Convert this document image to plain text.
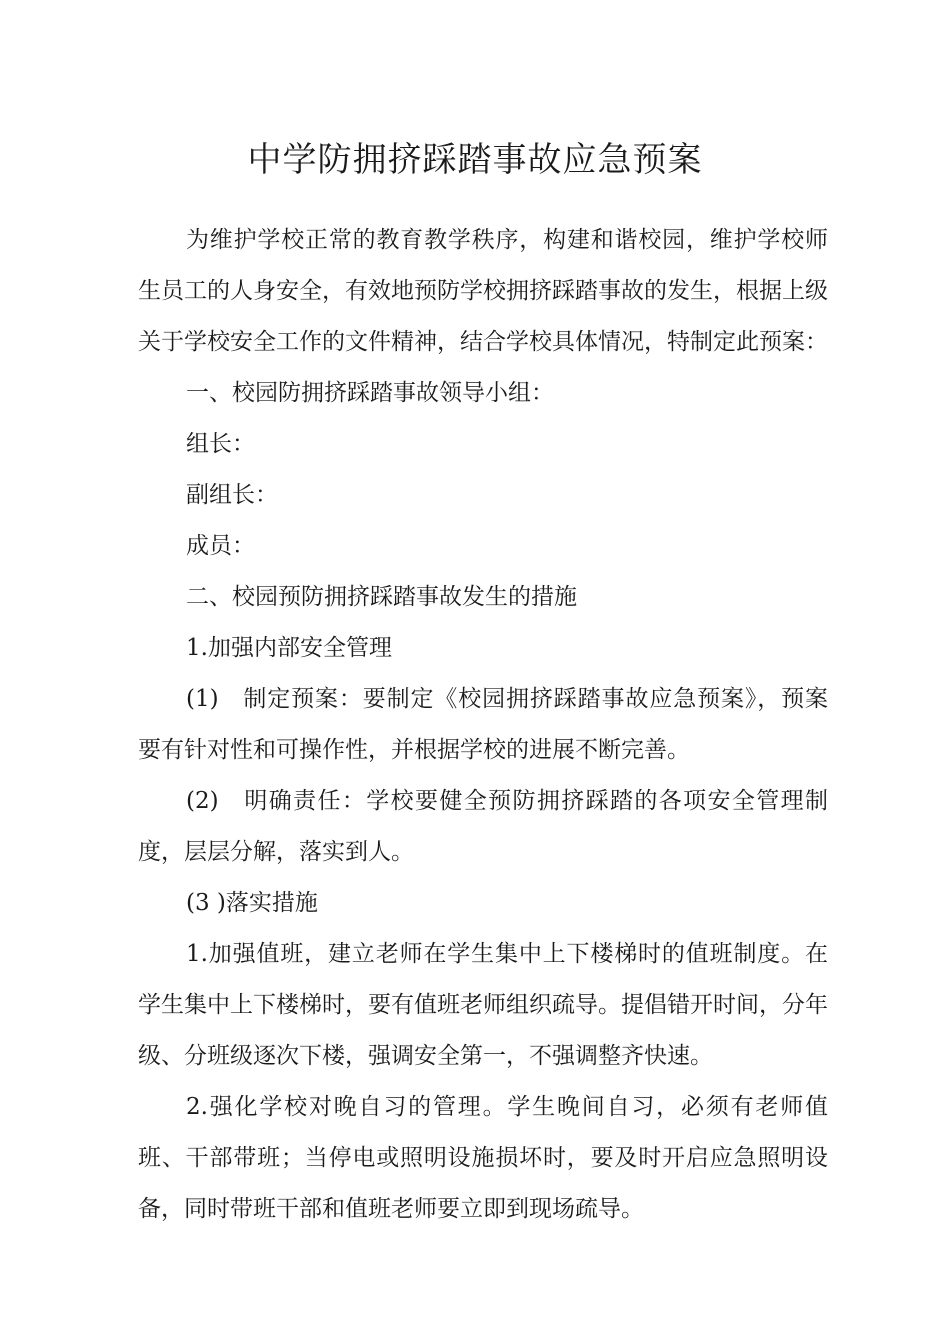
中学防拥挤踩踏事故应急预案

为维护学校正常的教育教学秩序，构建和谐校园，维护学校师生员工的人身安全，有效地预防学校拥挤踩踏事故的发生，根据上级关于学校安全工作的文件精神，结合学校具体情况，特制定此预案：

一、校园防拥挤踩踏事故领导小组：

组长：

副组长：

成员：

二、校园预防拥挤踩踏事故发生的措施

1.加强内部安全管理

(1)　制定预案：要制定《校园拥挤踩踏事故应急预案》，预案要有针对性和可操作性，并根据学校的进展不断完善。

(2)　明确责任：学校要健全预防拥挤踩踏的各项安全管理制度，层层分解，落实到人。

(3 )落实措施

1.加强值班，建立老师在学生集中上下楼梯时的值班制度。在学生集中上下楼梯时，要有值班老师组织疏导。提倡错开时间，分年级、分班级逐次下楼，强调安全第一，不强调整齐快速。

2.强化学校对晚自习的管理。学生晚间自习，必须有老师值班、干部带班；当停电或照明设施损坏时，要及时开启应急照明设备，同时带班干部和值班老师要立即到现场疏导。
